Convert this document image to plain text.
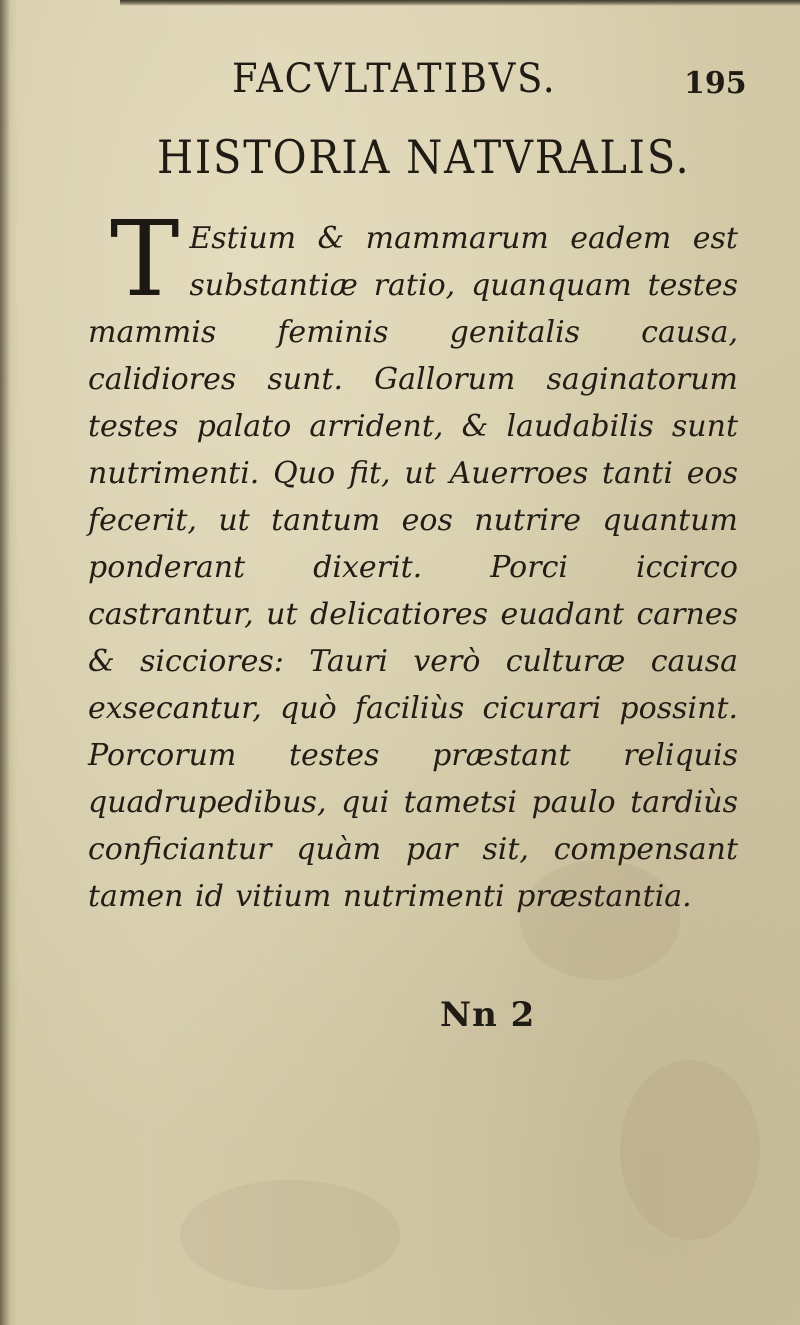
FACVLTATIBVS.	195
HISTORIA NATVRALIS.
T Estium & mammarum eadem est substantiæ ratio, quanquam testes mammis feminis genitalis causa, calidiores sunt. Gallorum saginatorum testes palato arrident, & laudabilis sunt nutrimenti. Quo fit, ut Auerroes tanti eos fecerit, ut tantum eos nutrire quantum ponderant dixerit. Porci iccirco castrantur, ut delicatiores euadant carnes & sicciores: Tauri verò culturæ causa exsecantur, quò faciliùs cicurari possint. Porcorum testes præstant reliquis quadrupedibus, qui tametsi paulo tardiùs conficiantur quàm par sit, compensant tamen id vitium nutrimenti præstantia.
Nn 2
